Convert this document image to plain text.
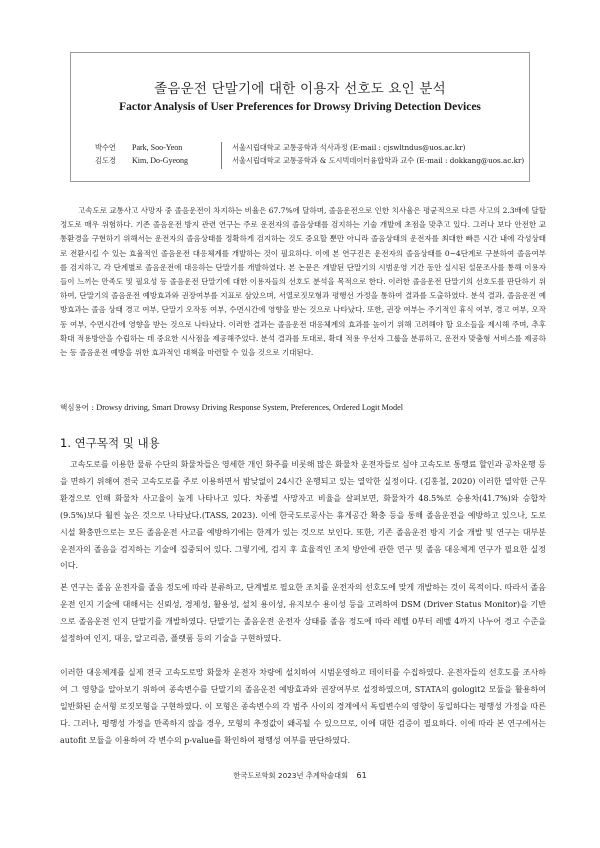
졸음운전 단말기에 대한 이용자 선호도 요인 분석
Factor Analysis of User Preferences for Drowsy Driving Detection Devices
박수연 Park, Soo-Yeon	서울시립대학교 교통공학과 석사과정 (E-mail : cjswltndus@uos.ac.kr)
김도경 Kim, Do-Gyeong	서울시립대학교 교통공학과 & 도시빅데이터융합학과 교수 (E-mail : dokkang@uos.ac.kr)
고속도로 교통사고 사망자 중 졸음운전이 차지하는 비율은 67.7%에 달하며, 졸음운전으로 인한 치사율은 평균적으로 다른 사고의 2.3배에 달할 정도로 매우 위험하다. 기존 졸음운전 방지 관련 연구는 주로 운전자의 졸음상태를 검지하는 기술 개발에 초점을 맞추고 있다. 그러나 보다 안전한 교통환경을 구현하기 위해서는 운전자의 졸음상태를 정확하게 검지하는 것도 중요할 뿐만 아니라 졸음상태의 운전자를 최대한 빠른 시간 내에 각성상태로 전환시킬 수 있는 효율적인 졸음운전 대응체계를 개발하는 것이 필요하다. 이에 본 연구진은 운전자의 졸음상태를 0~4단계로 구분하여 졸음여부를 검지하고, 각 단계별로 졸음운전에 대응하는 단말기를 개발하였다. 본 논문은 개발된 단말기의 시범운영 기간 동안 실시된 설문조사를 통해 이용자들이 느끼는 만족도 및 필요성 등 졸음운전 단말기에 대한 이용자들의 선호도 분석을 목적으로 한다. 이러한 졸음운전 단말기의 선호도를 판단하기 위하여, 단말기의 졸음운전 예방효과와 권장여부를 지표로 삼았으며, 서열로짓모형과 평행선 가정을 통하여 결과를 도출하였다. 분석 결과, 졸음운전 예방효과는 졸음 상태 경고 여부, 단말기 오작동 여부, 수면시간에 영향을 받는 것으로 나타났다. 또한, 권장 여부는 주기적인 휴식 여부, 경고 여부, 오작동 여부, 수면시간에 영향을 받는 것으로 나타났다. 이러한 결과는 졸음운전 대응체계의 효과를 높이기 위해 고려해야 할 요소들을 제시해 주며, 추후 확대 적용방안을 수립하는 데 중요한 시사점을 제공해주었다. 분석 결과를 토대로, 확대 적용 우선자 그룹을 분류하고, 운전자 맞춤형 서비스를 제공하는 등 졸음운전 예방을 위한 효과적인 대책을 마련할 수 있을 것으로 기대된다.
핵심용어 : Drowsy driving, Smart Drowsy Driving Response System, Preferences, Ordered Logit Model
1. 연구목적 및 내용
고속도로를 이용한 물류 수단의 화물차들은 영세한 개인 화주를 비롯해 많은 화물차 운전자들로 심야 고속도로 통행료 할인과 공차운행 등을 면하기 위해여 전국 고속도로를 주로 이용하면서 밤낮없이 24시간 운행되고 있는 열악한 실정이다. (김홍철, 2020) 이러한 열악한 근무환경으로 인해 화물차 사고율이 높게 나타나고 있다. 차종별 사망자고 비율을 살펴보면, 화물차가 48.5%로 승용차(41.7%)와 승합차(9.5%)보다 훨씬 높은 것으로 나타났다.(TASS, 2023). 이에 한국도로공사는 휴게공간 확충 등을 통해 졸음운전을 예방하고 있으나, 도로 시설 확충만으로는 모든 졸음운전 사고를 예방하기에는 한계가 있는 것으로 보인다. 또한, 기존 졸음운전 방지 기술 개발 및 연구는 대부분 운전자의 졸음을 검지하는 기술에 집중되어 있다. 그렇기에, 검지 후 효율적인 조치 방안에 관한 연구 및 졸음 대응체계 연구가 필요한 실정이다.
본 연구는 졸음 운전자를 졸음 정도에 따라 분류하고, 단계별로 필요한 조치를 운전자의 선호도에 맞게 개발하는 것이 목적이다. 따라서 졸음운전 인지 기술에 대해서는 신뢰성, 경제성, 활용성, 설치 용이성, 유지보수 용이성 등을 고려하여 DSM (Driver Status Monitor)을 기반으로 졸음운전 인지 단말기를 개발하였다. 단말기는 졸음운전 운전자 상태를 졸음 정도에 따라 레벨 0부터 레벨 4까지 나누어 경고 수준을 설정하여 인지, 대응, 알고리즘, 플랫폼 등의 기술을 구현하였다.
이러한 대응체계를 실제 전국 고속도로망 화물차 운전자 차량에 설치하여 시범운영하고 데이터를 수집하였다. 운전자들의 선호도를 조사하여 그 영향을 알아보기 위하여 종속변수를 단말기의 졸음운전 예방효과와 권장여부로 설정하였으며, STATA의 gologit2 모듈을 활용하여 일반화된 순서형 로짓모형을 구현하였다. 이 모형은 종속변수의 각 범주 사이의 경계에서 독립변수의 영향이 동일하다는 평행성 가정을 따른다. 그러나, 평행성 가정을 만족하지 않을 경우, 모형의 추정값이 왜곡될 수 있으므로, 이에 대한 검증이 필요하다. 이에 따라 본 연구에서는 autofit 모듈을 이용하여 각 변수의 p-value를 확인하여 평행성 여부를 판단하였다.
한국도로학회 2023년 추계학술대회 61
